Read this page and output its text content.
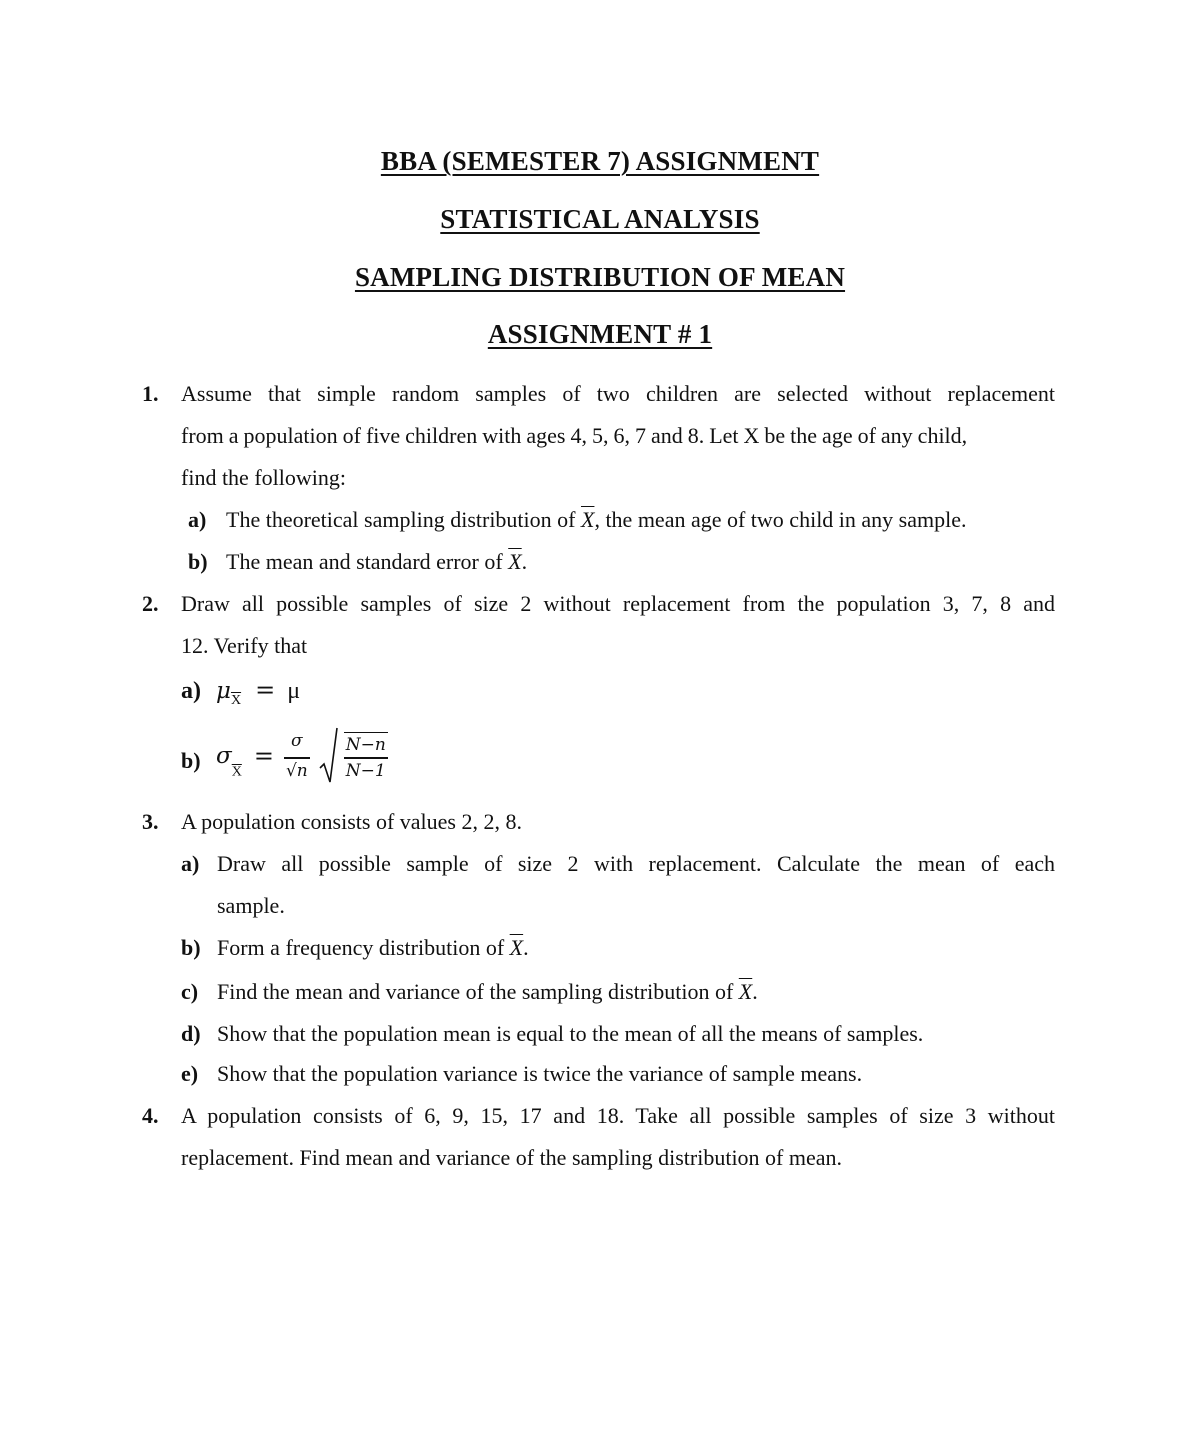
BBA (SEMESTER 7) ASSIGNMENT
STATISTICAL ANALYSIS
SAMPLING DISTRIBUTION OF MEAN
ASSIGNMENT # 1
1. Assume that simple random samples of two children are selected without replacement
from a population of five children with ages 4, 5, 6, 7 and 8. Let X be the age of any child,
find the following:
a) The theoretical sampling distribution of $\overline{X}$, the mean age of two child in any sample.
b) The mean and standard error of $\overline{X}$.
2. Draw all possible samples of size 2 without replacement from the population 3, 7, 8 and
12. Verify that
a) $\mu_{\overline{X}} = \mu$
b) $\sigma_{\overline{X}} = \frac{\sigma}{√n}$
$\frac{N-n}{N-1}$
3. A population consists of values 2, 2, 8.
a) Draw all possible sample of size 2 with replacement. Calculate the mean of each
sample.
b) Form a frequency distribution of $\overline{X}$.
c) Find the mean and variance of the sampling distribution of $\overline{X}$.
d) Show that the population mean is equal to the mean of all the means of samples.
e) Show that the population variance is twice the variance of sample means.
4. A population consists of 6, 9, 15, 17 and 18. Take all possible samples of size 3 without
replacement. Find mean and variance of the sampling distribution of mean.
